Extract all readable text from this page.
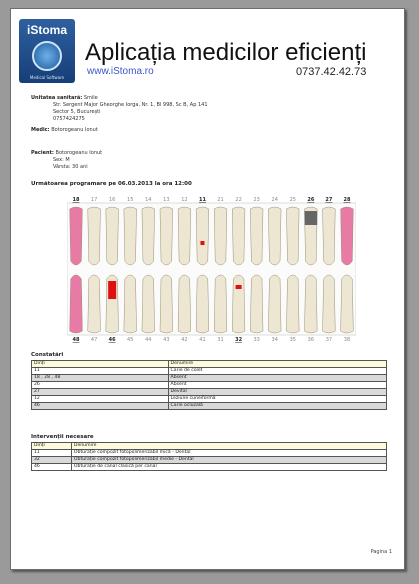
iStoma
Medical Software
Aplicația medicilor eficienți
www.iStoma.ro	0737.42.42.73
Unitatea sanitară: Smile
Str. Sergent Major Gheorghe Iorga, Nr. 1, Bl 998, Sc B, Ap 141
Sector 5, București
0757424275
Medic: Botorogeanu Ionut
Pacient: Botorogeanu Ionut
Sex: M
Vârsta: 30 ani
Următoarea programare pe 06.03.2013 la ora 12:00
18 17 16 15 14 13 12 11 21 22 23 24 25 26 27 28
48 47 46 45 44 43 42 41 31 32 33 34 35 36 37 38
Constatări
Dinți	Denumire
11	Carie de colet
18 , 28 , 48	Absent
26	Absent
27	Devital
12	Leziune cuneiformă
46	Carie ocluzală
Intervenții necesare
Dinți	Denumire
11	Obturație compozit fotopolimerizabil mică - Dental
32	Obturație compozit fotopolimerizabil medie - Dental
46	Obturație de canal clasică per canal
Pagina 1
